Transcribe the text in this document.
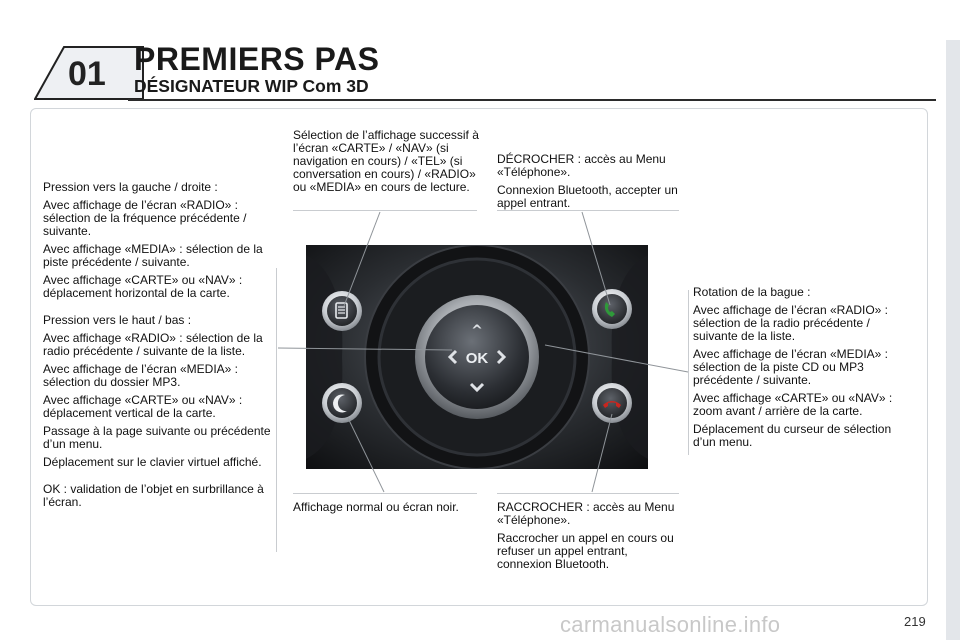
01 PREMIERS PAS
DÉSIGNATEUR WIP Com 3D

Pression vers la gauche / droite :

Avec affichage de l’écran «RADIO» : sélection de la fréquence précédente / suivante.

Avec affichage «MEDIA» : sélection de la piste précédente / suivante.

Avec affichage «CARTE» ou «NAV» : déplacement horizontal de la carte.

Pression vers le haut / bas :

Avec affichage «RADIO» : sélection de la radio précédente / suivante de la liste.

Avec affichage de l’écran «MEDIA» : sélection du dossier MP3.

Avec affichage «CARTE» ou «NAV» : déplacement vertical de la carte.

Passage à la page suivante ou précédente d’un menu.

Déplacement sur le clavier virtuel affiché.

OK : validation de l’objet en surbrillance à l’écran.

Sélection de l’affichage successif à l’écran «CARTE» / «NAV» (si navigation en cours) / «TEL» (si conversation en cours) / «RADIO» ou «MEDIA» en cours de lecture.

DÉCROCHER : accès au Menu «Téléphone».

Connexion Bluetooth, accepter un appel entrant.

Affichage normal ou écran noir.	RACCROCHER : accès au Menu «Téléphone».

Raccrocher un appel en cours ou refuser un appel entrant, connexion Bluetooth.

Rotation de la bague :

Avec affichage de l’écran «RADIO» : sélection de la radio précédente / suivante de la liste.

Avec affichage de l’écran «MEDIA» : sélection de la piste CD ou MP3 précédente / suivante.

Avec affichage «CARTE» ou «NAV» : zoom avant / arrière de la carte.

Déplacement du curseur de sélection d’un menu.

^
OK
carmanualsonline.info	219
